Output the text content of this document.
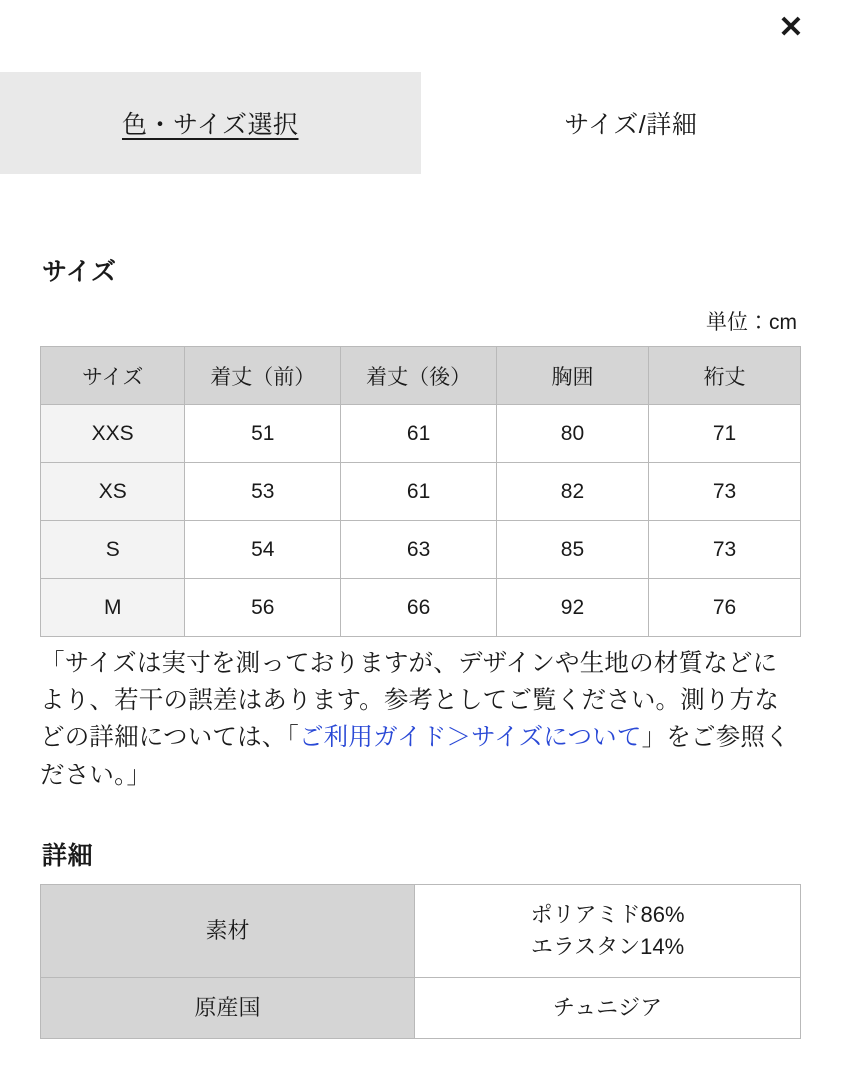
✕
色・サイズ選択	サイズ/詳細
サイズ
単位：cm
サイズ	着丈（前）	着丈（後）	胸囲	裄丈
XXS	51	61	80	71
XS	53	61	82	73
S	54	63	85	73
M	56	66	92	76

「サイズは実寸を測っておりますが、デザインや生地の材質などにより、若干の誤差はあります。参考としてご覧ください。測り方などの詳細については、「ご利用ガイド＞サイズについて」をご参照ください。」

詳細
素材	ポリアミド86%
エラスタン14%
原産国	チュニジア
